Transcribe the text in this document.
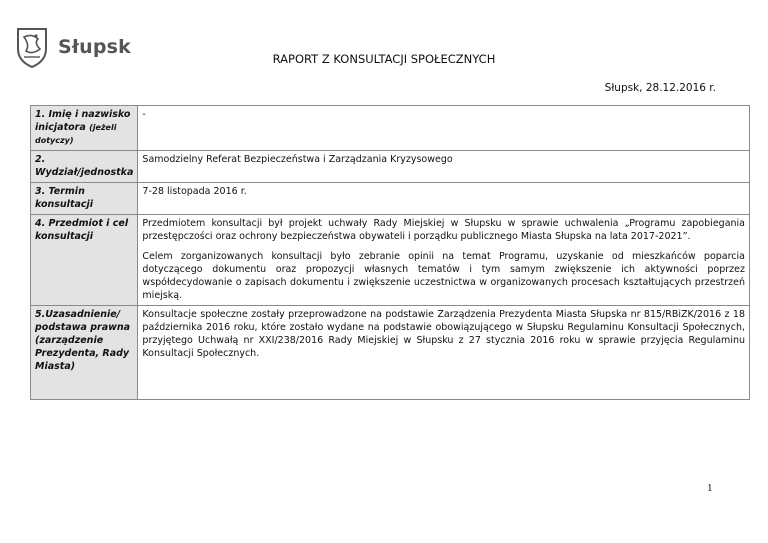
Słupsk
RAPORT Z KONSULTACJI SPOŁECZNYCH
Słupsk, 28.12.2016 r.
1. Imię i nazwisko inicjatora (jeżeli dotyczy)	-

2. Wydział/jednostka	Samodzielny Referat Bezpieczeństwa i Zarządzania Kryzysowego

3. Termin konsultacji	7-28 listopada 2016 r.

4. Przedmiot i cel konsultacji	Przedmiotem konsultacji był projekt uchwały Rady Miejskiej w Słupsku w sprawie uchwalenia „Programu zapobiegania przestępczości oraz ochrony bezpieczeństwa obywateli i porządku publicznego Miasta Słupska na lata 2017-2021”.

Celem zorganizowanych konsultacji było zebranie opinii na temat Programu, uzyskanie od mieszkańców poparcia dotyczącego dokumentu oraz propozycji własnych tematów i tym samym zwiększenie ich aktywności poprzez współdecydowanie o zapisach dokumentu i zwiększenie uczestnictwa w organizowanych procesach kształtujących przestrzeń miejską.

5.Uzasadnienie/ podstawa prawna (zarządzenie Prezydenta, Rady Miasta)	Konsultacje społeczne zostały przeprowadzone na podstawie Zarządzenia Prezydenta Miasta Słupska nr 815/RBiZK/2016 z 18 października 2016 roku, które zostało wydane na podstawie obowiązującego w Słupsku Regulaminu Konsultacji Społecznych, przyjętego Uchwałą nr XXI/238/2016 Rady Miejskiej w Słupsku z 27 stycznia 2016 roku w sprawie przyjęcia Regulaminu Konsultacji Społecznych.

1
